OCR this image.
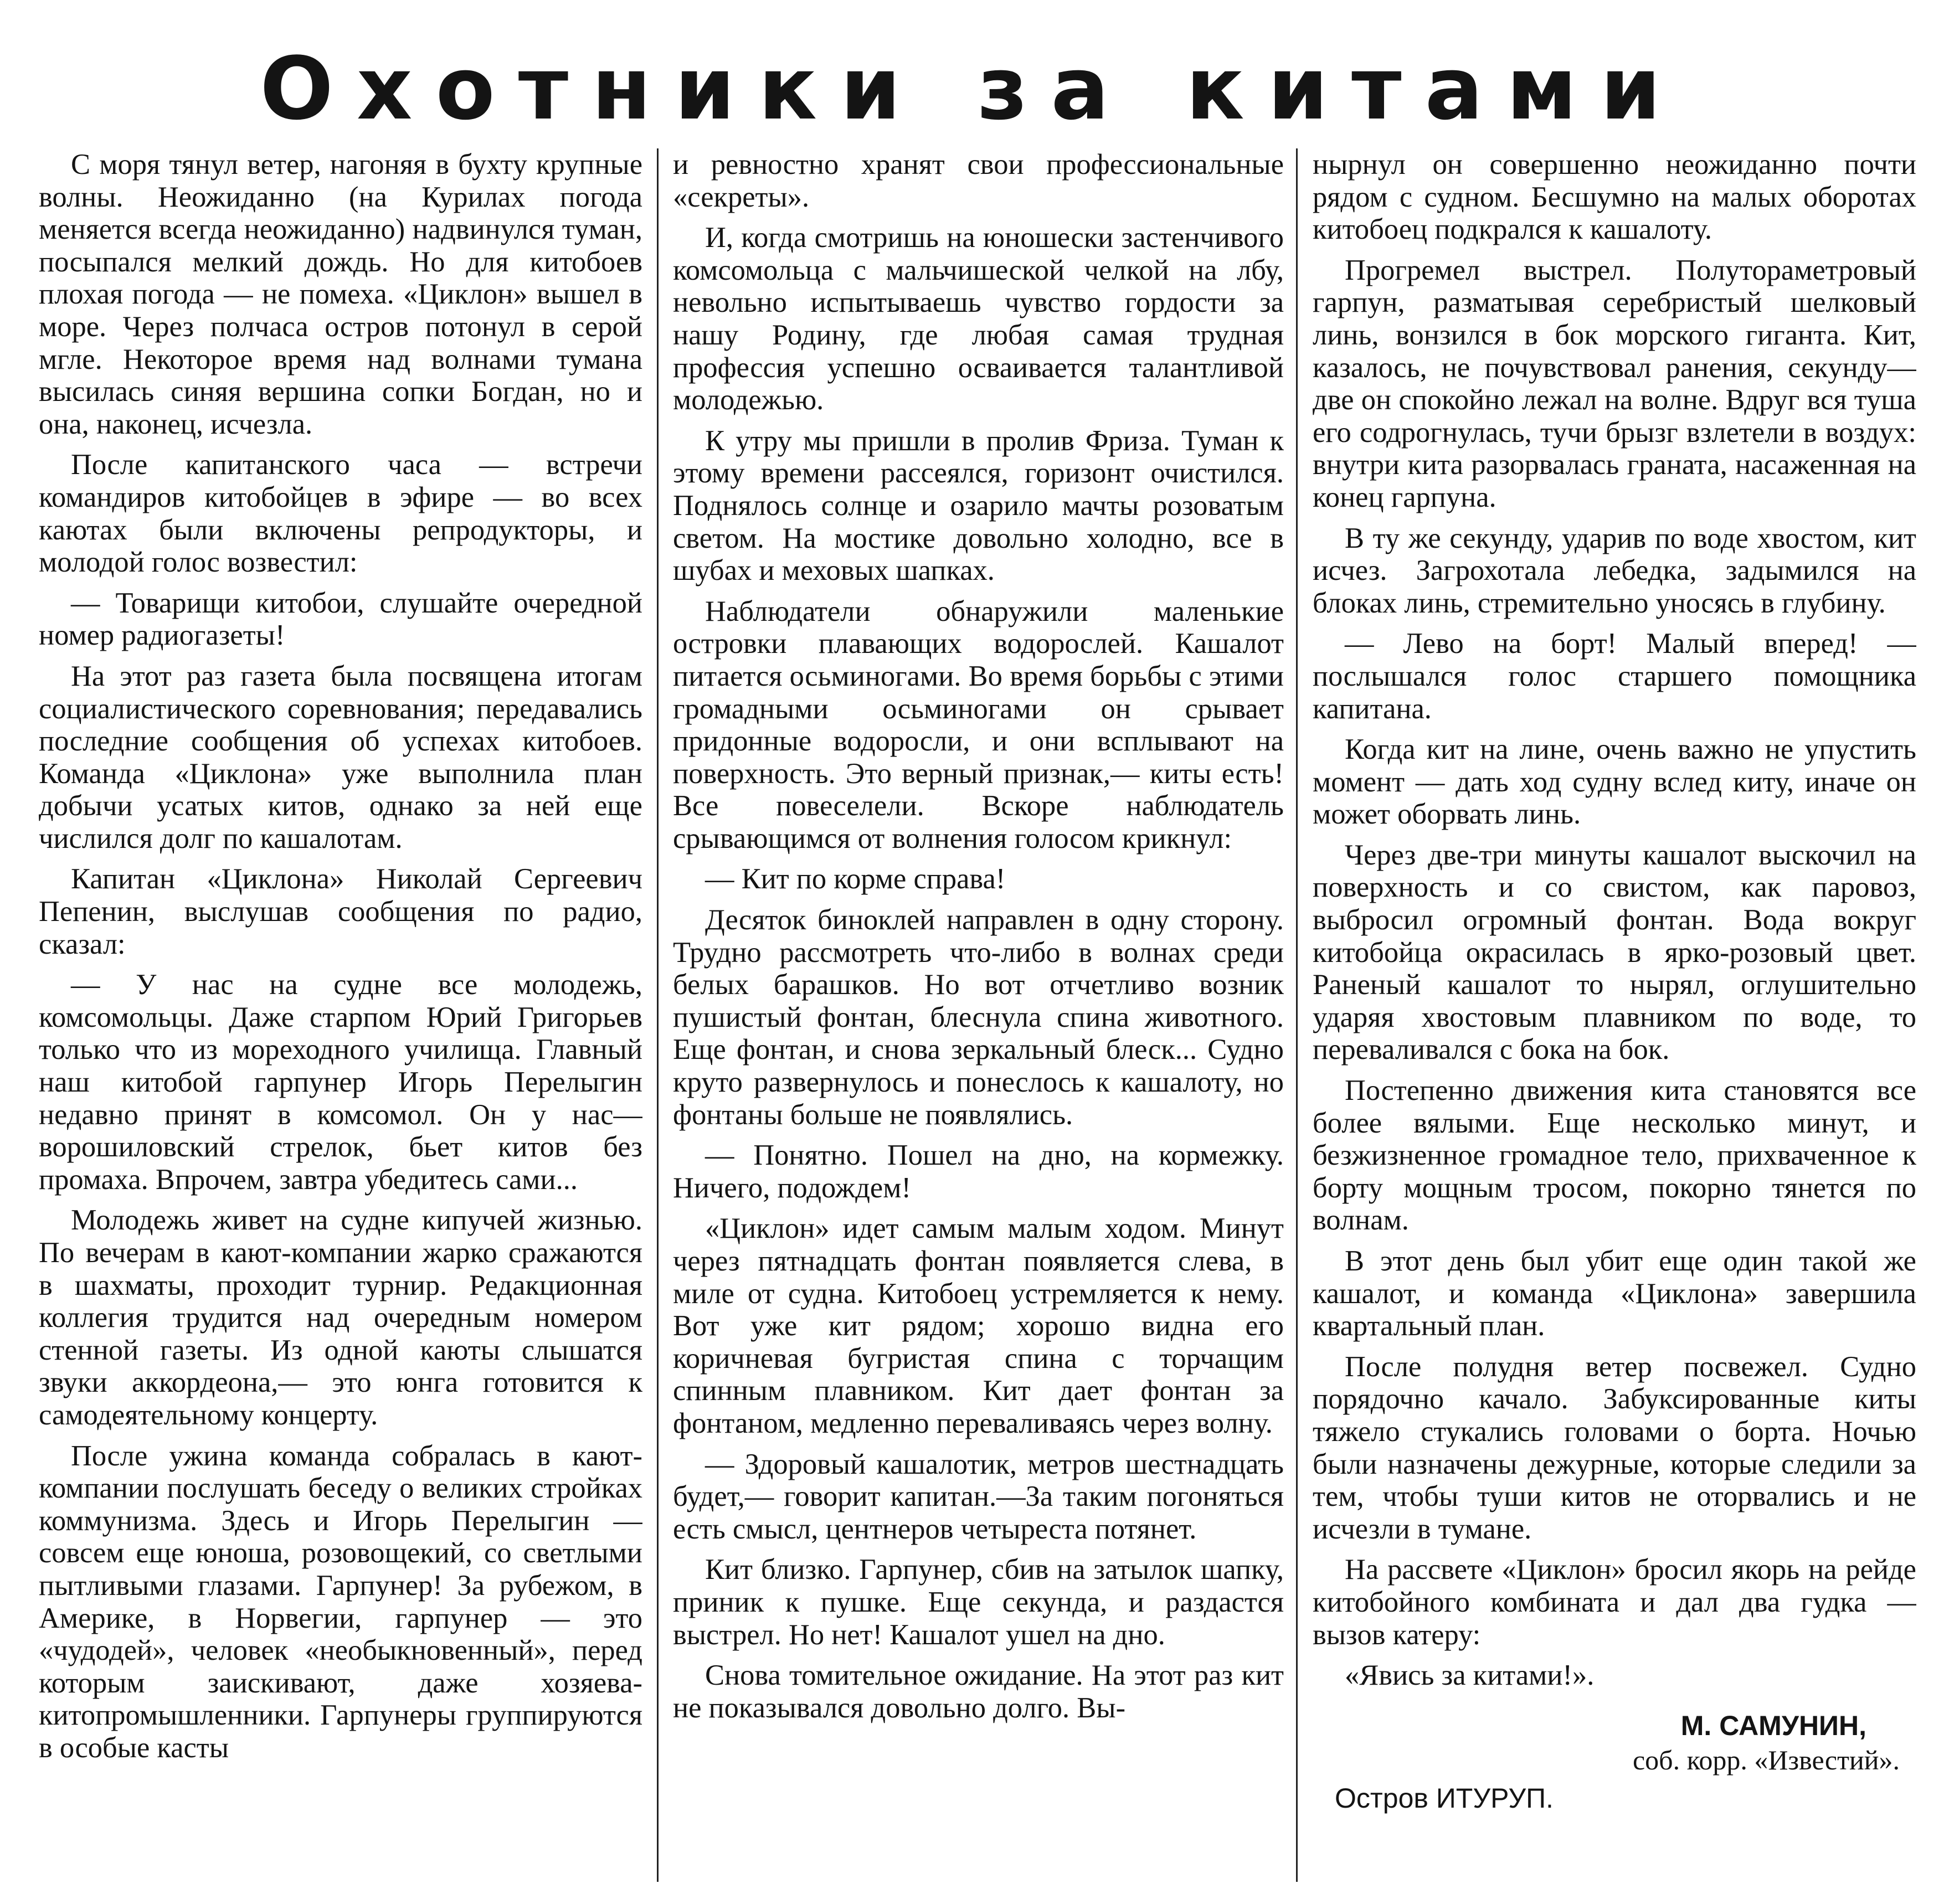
Охотники за китами

С моря тянул ветер, нагоняя в бухту крупные волны. Неожиданно (на Курилах погода меняется всегда неожиданно) надвинулся туман, посыпался мелкий дождь. Но для китобоев плохая погода — не помеха. «Циклон» вышел в море. Через полчаса остров потонул в серой мгле. Некоторое время над волнами тумана высилась синяя вершина сопки Богдан, но и она, наконец, исчезла.

После капитанского часа — встречи командиров китобойцев в эфире — во всех каютах были включены репродукторы, и молодой голос возвестил:

— Товарищи китобои, слушайте очередной номер радиогазеты!

На этот раз газета была посвящена итогам социалистического соревнования; передавались последние сообщения об успехах китобоев. Команда «Циклона» уже выполнила план добычи усатых китов, однако за ней еще числился долг по кашалотам.

Капитан «Циклона» Николай Сергеевич Пепенин, выслушав сообщения по радио, сказал:

— У нас на судне все молодежь, комсомольцы. Даже старпом Юрий Григорьев только что из мореходного училища. Главный наш китобой гарпунер Игорь Перелыгин недавно принят в комсомол. Он у нас—ворошиловский стрелок, бьет китов без промаха. Впрочем, завтра убедитесь сами...

Молодежь живет на судне кипучей жизнью. По вечерам в кают-компании жарко сражаются в шахматы, проходит турнир. Редакционная коллегия трудится над очередным номером стенной газеты. Из одной каюты слышатся звуки аккордеона,— это юнга готовится к самодеятельному концерту.

После ужина команда собралась в кают-компании послушать беседу о великих стройках коммунизма. Здесь и Игорь Перелыгин — совсем еще юноша, розовощекий, со светлыми пытливыми глазами. Гарпунер! За рубежом, в Америке, в Норвегии, гарпунер — это «чудодей», человек «необыкновенный», перед которым заискивают, даже хозяева-китопромышленники. Гарпунеры группируются в особые касты

и ревностно хранят свои профессиональные «секреты».

И, когда смотришь на юношески застенчивого комсомольца с мальчишеской челкой на лбу, невольно испытываешь чувство гордости за нашу Родину, где любая самая трудная профессия успешно осваивается талантливой молодежью.

К утру мы пришли в пролив Фриза. Туман к этому времени рассеялся, горизонт очистился. Поднялось солнце и озарило мачты розоватым светом. На мостике довольно холодно, все в шубах и меховых шапках.

Наблюдатели обнаружили маленькие островки плавающих водорослей. Кашалот питается осьминогами. Во время борьбы с этими громадными осьминогами он срывает придонные водоросли, и они всплывают на поверхность. Это верный признак,— киты есть! Все повеселели. Вскоре наблюдатель срывающимся от волнения голосом крикнул:

— Кит по корме справа!

Десяток биноклей направлен в одну сторону. Трудно рассмотреть что-либо в волнах среди белых барашков. Но вот отчетливо возник пушистый фонтан, блеснула спина животного. Еще фонтан, и снова зеркальный блеск... Судно круто развернулось и понеслось к кашалоту, но фонтаны больше не появлялись.

— Понятно. Пошел на дно, на кормежку. Ничего, подождем!

«Циклон» идет самым малым ходом. Минут через пятнадцать фонтан появляется слева, в миле от судна. Китобоец устремляется к нему. Вот уже кит рядом; хорошо видна его коричневая бугристая спина с торчащим спинным плавником. Кит дает фонтан за фонтаном, медленно переваливаясь через волну.

— Здоровый кашалотик, метров шестнадцать будет,— говорит капитан.—За таким погоняться есть смысл, центнеров четыреста потянет.

Кит близко. Гарпунер, сбив на затылок шапку, приник к пушке. Еще секунда, и раздастся выстрел. Но нет! Кашалот ушел на дно.

Снова томительное ожидание. На этот раз кит не показывался довольно долго. Вы-

нырнул он совершенно неожиданно почти рядом с судном. Бесшумно на малых оборотах китобоец подкрался к кашалоту.

Прогремел выстрел. Полутораметровый гарпун, разматывая серебристый шелковый линь, вонзился в бок морского гиганта. Кит, казалось, не почувствовал ранения, секунду—две он спокойно лежал на волне. Вдруг вся туша его содрогнулась, тучи брызг взлетели в воздух: внутри кита разорвалась граната, насаженная на конец гарпуна.

В ту же секунду, ударив по воде хвостом, кит исчез. Загрохотала лебедка, задымился на блоках линь, стремительно уносясь в глубину.

— Лево на борт! Малый вперед! — послышался голос старшего помощника капитана.

Когда кит на линe, очень важно не упустить момент — дать ход судну вслед киту, иначе он может оборвать линь.

Через две-три минуты кашалот выскочил на поверхность и со свистом, как паровоз, выбросил огромный фонтан. Вода вокруг китобойца окрасилась в ярко-розовый цвет. Раненый кашалот то нырял, оглушительно ударяя хвостовым плавником по воде, то переваливался с бока на бок.

Постепенно движения кита становятся все более вялыми. Еще несколько минут, и безжизненное громадное тело, прихваченное к борту мощным тросом, покорно тянется по волнам.

В этот день был убит еще один такой же кашалот, и команда «Циклона» завершила квартальный план.

После полудня ветер посвежел. Судно порядочно качало. Забуксированные киты тяжело стукались головами о борта. Ночью были назначены дежурные, которые следили за тем, чтобы туши китов не оторвались и не исчезли в тумане.

На рассвете «Циклон» бросил якорь на рейде китобойного комбината и дал два гудка — вызов катеру:

«Явись за китами!».

М. САМУНИН,
соб. корр. «Известий».
Остров ИТУРУП.
